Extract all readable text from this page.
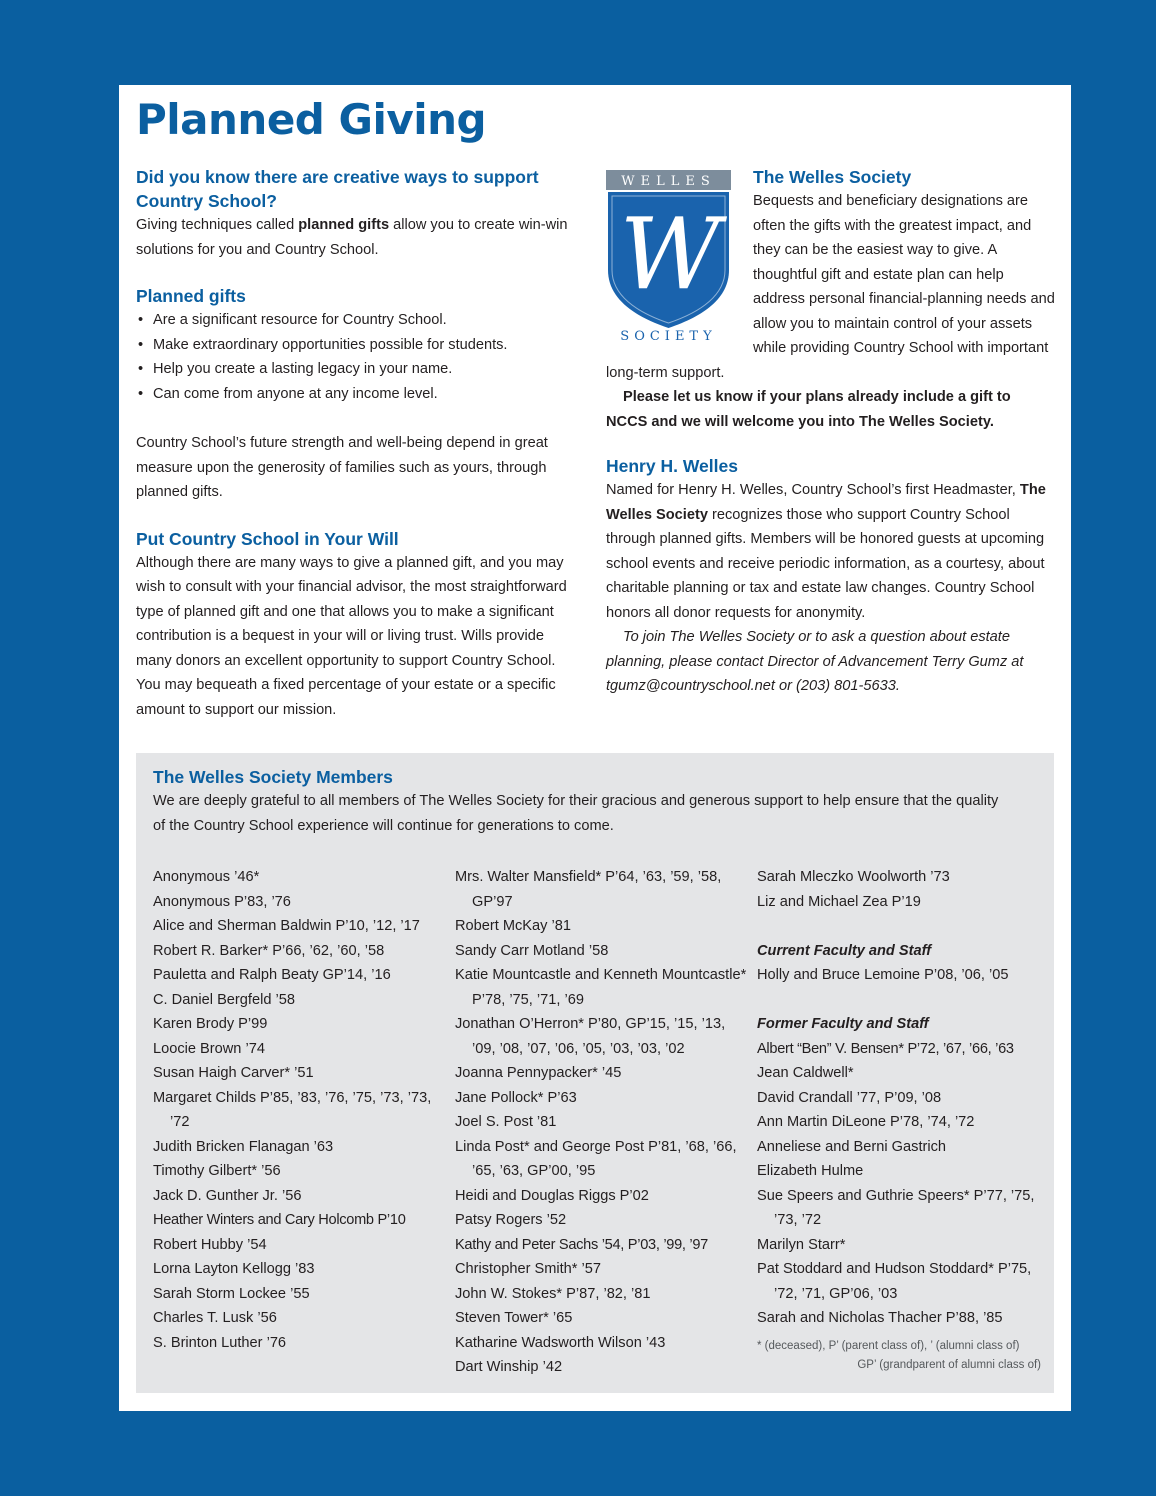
Planned Giving
Did you know there are creative ways to support Country School?

Giving techniques called planned gifts allow you to create win-win solutions for you and Country School.

Planned gifts
• Are a significant resource for Country School.
• Make extraordinary opportunities possible for students.
• Help you create a lasting legacy in your name.
• Can come from anyone at any income level.

Country School’s future strength and well-being depend in great measure upon the generosity of families such as yours, through planned gifts.

Put Country School in Your Will

Although there are many ways to give a planned gift, and you may wish to consult with your financial advisor, the most straightforward type of planned gift and one that allows you to make a significant contribution is a bequest in your will or living trust. Wills provide many donors an excellent opportunity to support Country School. You may bequeath a fixed percentage of your estate or a specific amount to support our mission.

WELLES
W
SOCIETY
The Welles Society

Bequests and beneficiary designations are often the gifts with the greatest impact, and they can be the easiest way to give. A thoughtful gift and estate plan can help address personal financial-planning needs and allow you to maintain control of your assets while providing Country School with important long-term support.

Please let us know if your plans already include a gift to NCCS and we will welcome you into The Welles Society.

Henry H. Welles

Named for Henry H. Welles, Country School’s first Headmaster, The Welles Society recognizes those who support Country School through planned gifts. Members will be honored guests at upcoming school events and receive periodic information, as a courtesy, about charitable planning or tax and estate law changes. Country School honors all donor requests for anonymity.

To join The Welles Society or to ask a question about estate planning, please contact Director of Advancement Terry Gumz at tgumz@countryschool.net or (203) 801-5633.

The Welles Society Members

We are deeply grateful to all members of The Welles Society for their gracious and generous support to help ensure that the quality of the Country School experience will continue for generations to come.

Anonymous ’46*
Anonymous P’83, ’76
Alice and Sherman Baldwin P’10, ’12, ’17
Robert R. Barker* P’66, ’62, ’60, ’58
Pauletta and Ralph Beaty GP’14, ’16
C. Daniel Bergfeld ’58
Karen Brody P’99
Loocie Brown ’74
Susan Haigh Carver* ’51
Margaret Childs P’85, ’83, ’76, ’75, ’73, ’73, ’72
Judith Bricken Flanagan ’63
Timothy Gilbert* ’56
Jack D. Gunther Jr. ’56
Heather Winters and Cary Holcomb P’10
Robert Hubby ’54
Lorna Layton Kellogg ’83
Sarah Storm Lockee ’55
Charles T. Lusk ’56
S. Brinton Luther ’76
Mrs. Walter Mansfield* P’64, ’63, ’59, ’58, GP’97
Robert McKay ’81
Sandy Carr Motland ’58
Katie Mountcastle and Kenneth Mountcastle* P’78, ’75, ’71, ’69
Jonathan O’Herron* P’80, GP’15, ’15, ’13, ’09, ’08, ’07, ’06, ’05, ’03, ’03, ’02
Joanna Pennypacker* ’45
Jane Pollock* P’63
Joel S. Post ’81
Linda Post* and George Post P’81, ’68, ’66, ’65, ’63, GP’00, ’95
Heidi and Douglas Riggs P’02
Patsy Rogers ’52
Kathy and Peter Sachs ’54, P’03, ’99, ’97
Christopher Smith* ’57
John W. Stokes* P’87, ’82, ’81
Steven Tower* ’65
Katharine Wadsworth Wilson ’43
Dart Winship ’42
Sarah Mleczko Woolworth ’73
Liz and Michael Zea P’19
Current Faculty and Staff
Holly and Bruce Lemoine P’08, ’06, ’05
Former Faculty and Staff
Albert “Ben” V. Bensen* P’72, ’67, ’66, ’63
Jean Caldwell*
David Crandall ’77, P’09, ’08
Ann Martin DiLeone P’78, ’74, ’72
Anneliese and Berni Gastrich
Elizabeth Hulme
Sue Speers and Guthrie Speers* P’77, ’75, ’73, ’72
Marilyn Starr*
Pat Stoddard and Hudson Stoddard* P’75, ’72, ’71, GP’06, ’03
Sarah and Nicholas Thacher P’88, ’85
* (deceased), P’ (parent class of), ’ (alumni class of)
GP’ (grandparent of alumni class of)
